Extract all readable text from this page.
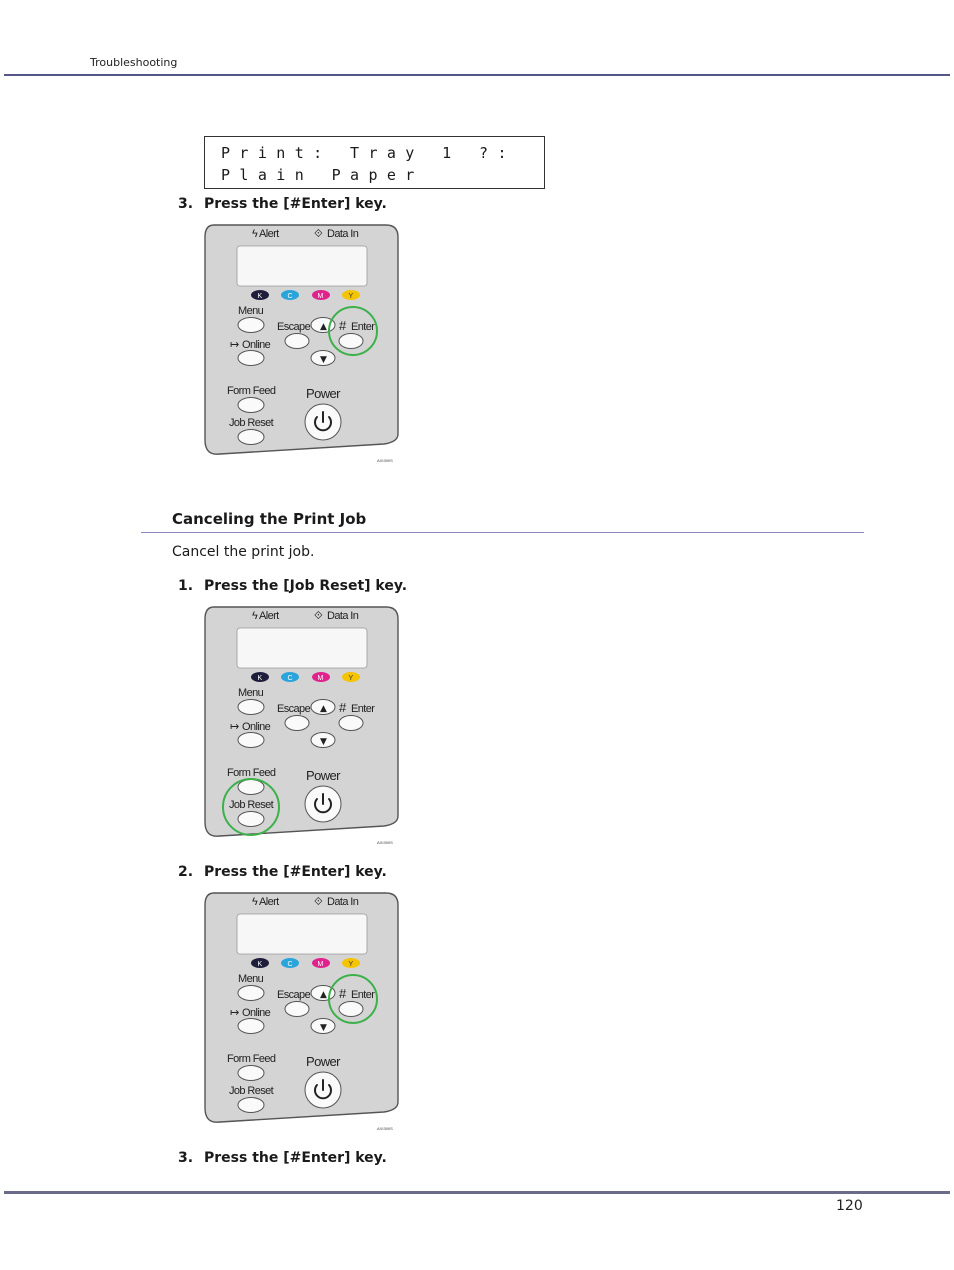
Troubleshooting
Print: Tray 1 ?:
Plain Paper
3. Press the [#Enter] key.
ϟ Alert	⟐ Data In
K	C	M	Y
Menu
Escape ▲ # Enter
↦ Online
▼
Form Feed Power
Job Reset
AXI390S
Canceling the Print Job
Cancel the print job.
1. Press the [Job Reset] key.
ϟ Alert	⟐ Data In
K	C	M	Y
Menu
Escape ▲ # Enter
↦ Online
▼
Form Feed Power
Job Reset
AXI390S
2. Press the [#Enter] key.
ϟ Alert	⟐ Data In
K	C	M	Y
Menu
Escape ▲ # Enter
↦ Online
▼
Form Feed Power
Job Reset
AXI390S
3. Press the [#Enter] key.
120
